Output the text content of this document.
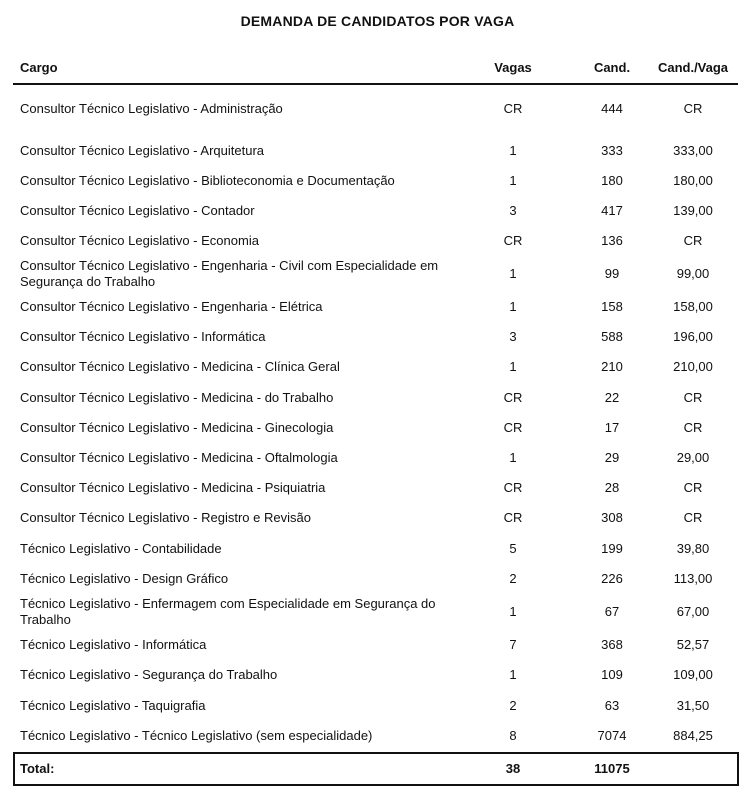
DEMANDA DE CANDIDATOS POR VAGA
Cargo	Vagas	Cand.	Cand./Vaga
Consultor Técnico Legislativo - Administração	CR	444	CR
Consultor Técnico Legislativo - Arquitetura	1	333	333,00
Consultor Técnico Legislativo - Biblioteconomia e Documentação	1	180	180,00
Consultor Técnico Legislativo - Contador	3	417	139,00
Consultor Técnico Legislativo - Economia	CR	136	CR
Consultor Técnico Legislativo - Engenharia - Civil com Especialidade em Segurança do Trabalho
1	99	99,00
Consultor Técnico Legislativo - Engenharia - Elétrica	1	158	158,00
Consultor Técnico Legislativo - Informática	3	588	196,00
Consultor Técnico Legislativo - Medicina - Clínica Geral	1	210	210,00
Consultor Técnico Legislativo - Medicina - do Trabalho	CR	22	CR
Consultor Técnico Legislativo - Medicina - Ginecologia	CR	17	CR
Consultor Técnico Legislativo - Medicina - Oftalmologia	1	29	29,00
Consultor Técnico Legislativo - Medicina - Psiquiatria	CR	28	CR
Consultor Técnico Legislativo - Registro e Revisão	CR	308	CR
Técnico Legislativo - Contabilidade	5	199	39,80
Técnico Legislativo - Design Gráfico	2	226	113,00
Técnico Legislativo - Enfermagem com Especialidade em Segurança do Trabalho
1	67	67,00
Técnico Legislativo - Informática	7	368	52,57
Técnico Legislativo - Segurança do Trabalho	1	109	109,00
Técnico Legislativo - Taquigrafia	2	63	31,50
Técnico Legislativo - Técnico Legislativo (sem especialidade)	8	7074	884,25
Total:	38	11075
